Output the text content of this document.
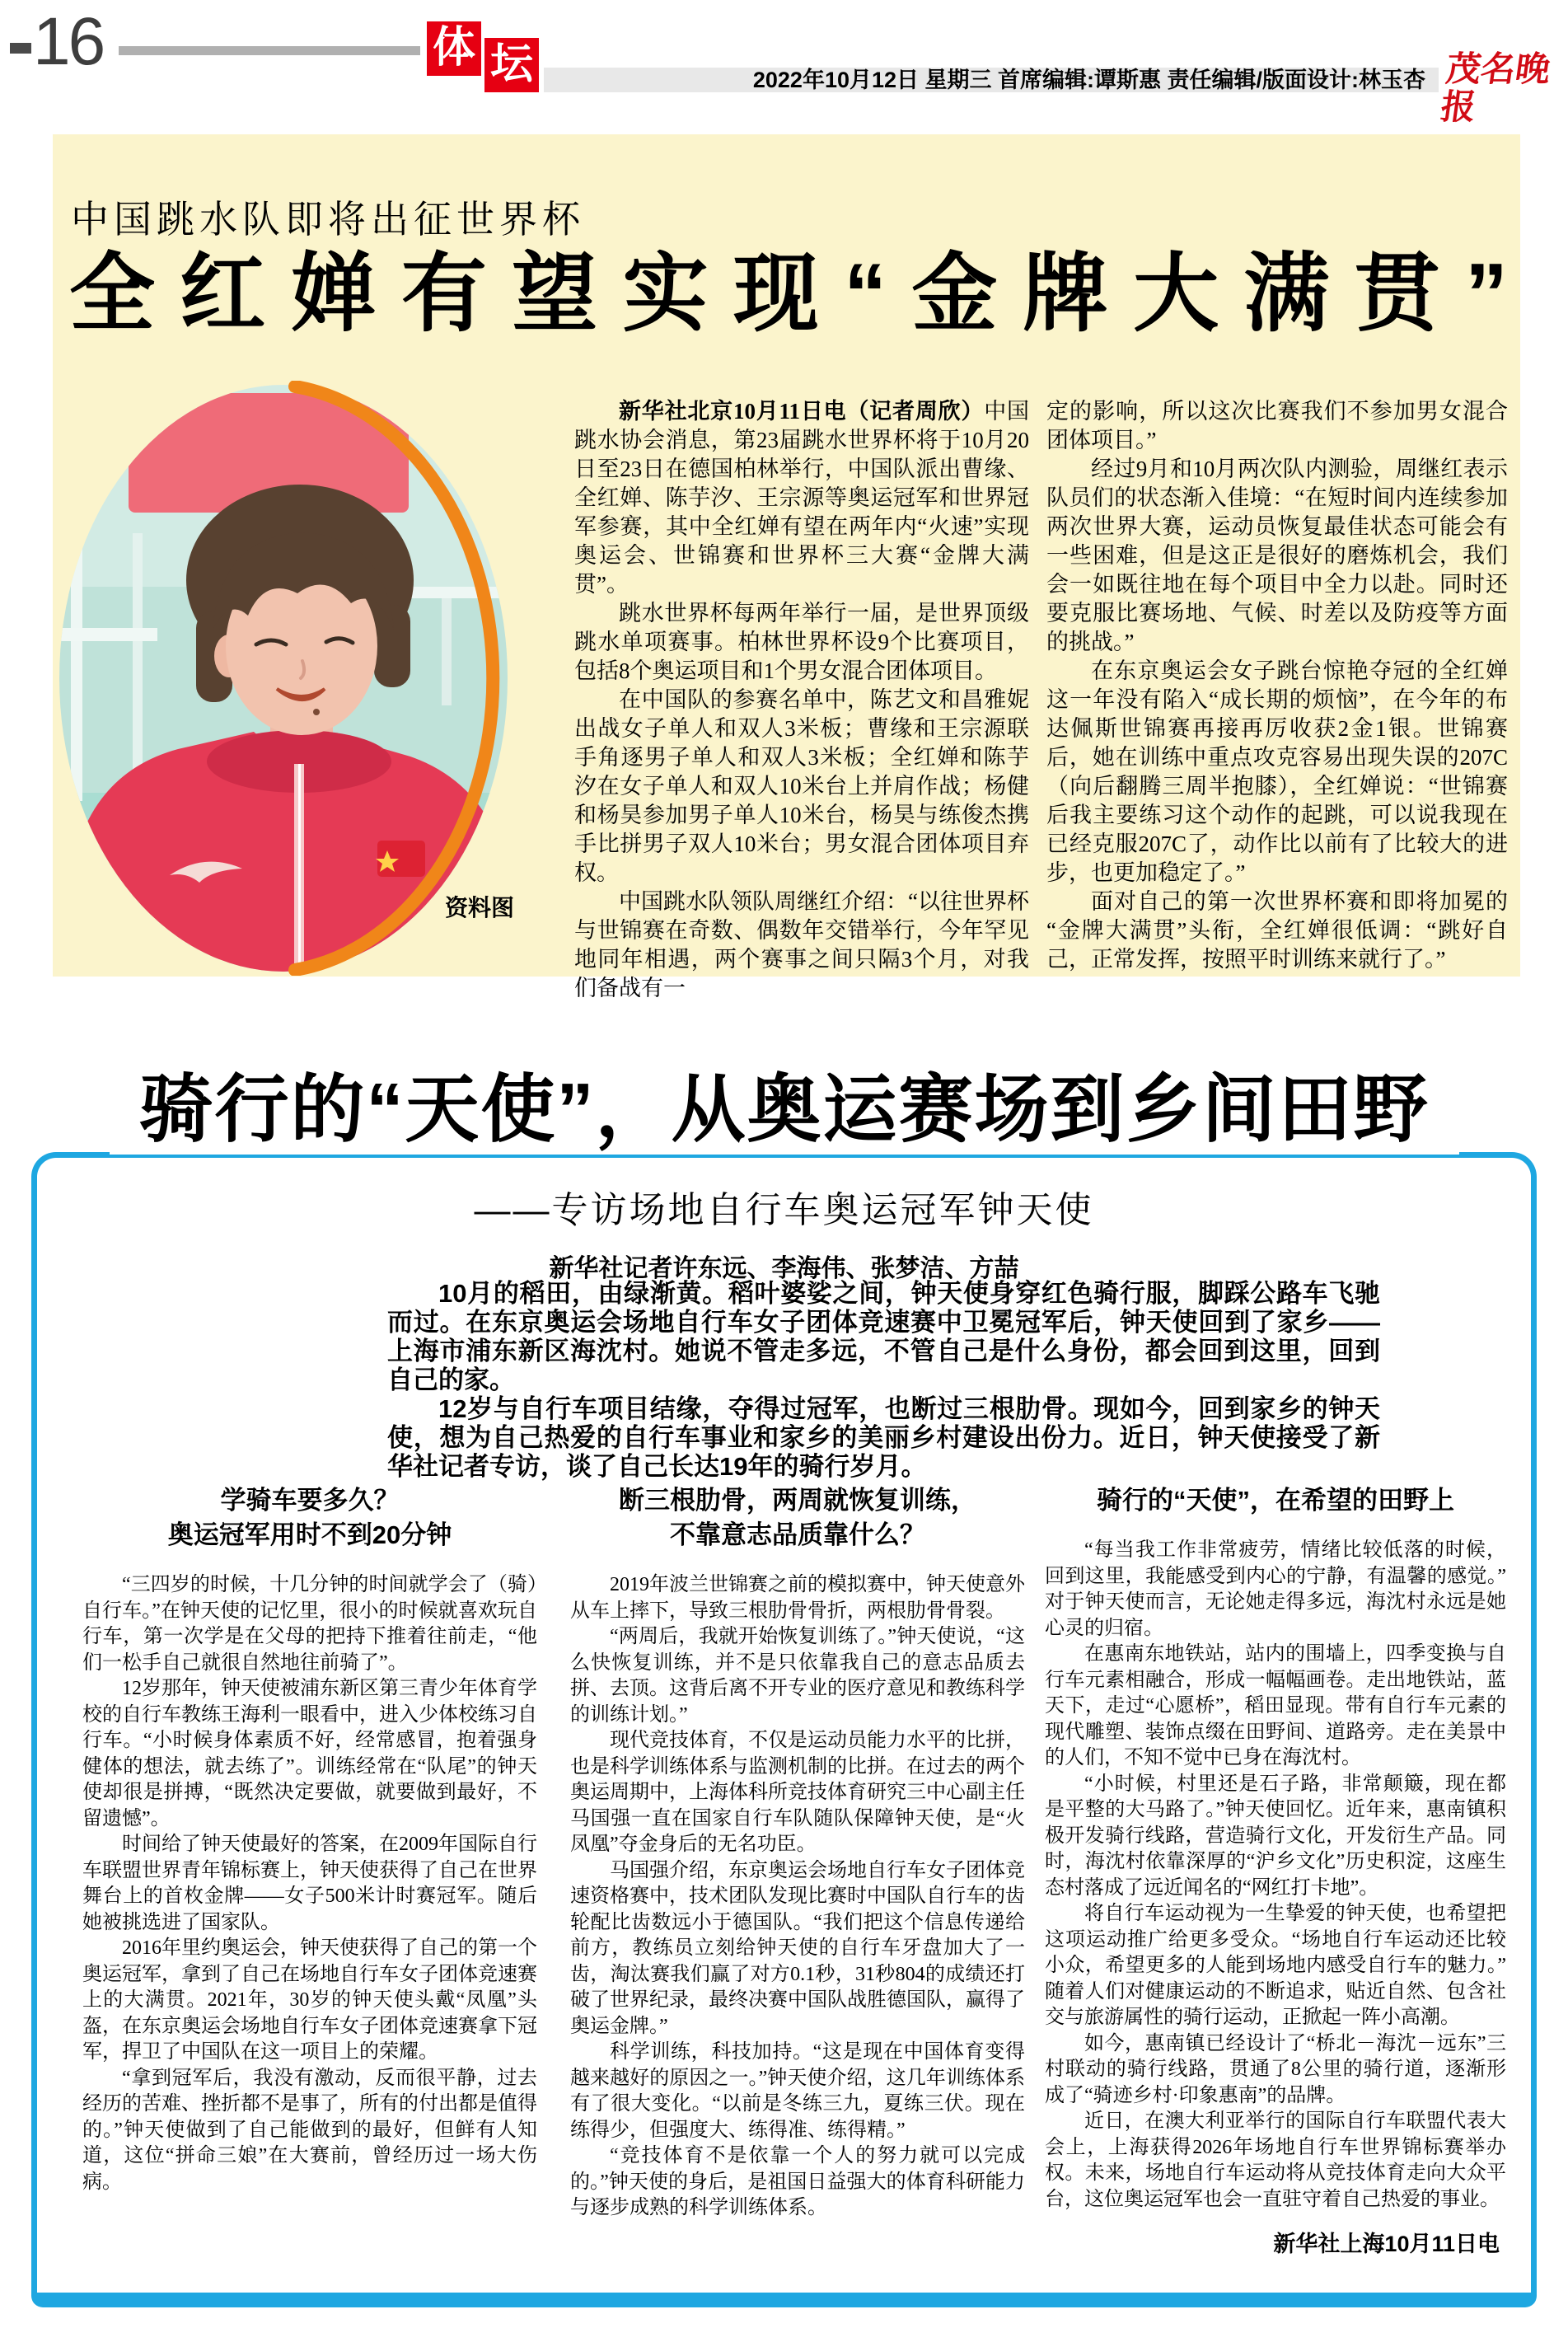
16	体 坛	2022年10月12日 星期三 首席编辑:谭斯惠 责任编辑/版面设计:林玉杏 茂名晚报
中国跳水队即将出征世界杯
全红婵有望实现“金牌大满贯”
资料图

新华社北京10月11日电（记者周欣）中国跳水协会消息，第23届跳水世界杯将于10月20日至23日在德国柏林举行，中国队派出曹缘、全红婵、陈芋汐、王宗源等奥运冠军和世界冠军参赛，其中全红婵有望在两年内“火速”实现奥运会、世锦赛和世界杯三大赛“金牌大满贯”。

跳水世界杯每两年举行一届，是世界顶级跳水单项赛事。柏林世界杯设9个比赛项目，包括8个奥运项目和1个男女混合团体项目。

在中国队的参赛名单中，陈艺文和昌雅妮出战女子单人和双人3米板；曹缘和王宗源联手角逐男子单人和双人3米板；全红婵和陈芋汐在女子单人和双人10米台上并肩作战；杨健和杨昊参加男子单人10米台，杨昊与练俊杰携手比拼男子双人10米台；男女混合团体项目弃权。

中国跳水队领队周继红介绍：“以往世界杯与世锦赛在奇数、偶数年交错举行，今年罕见地同年相遇，两个赛事之间只隔3个月，对我们备战有一

定的影响，所以这次比赛我们不参加男女混合团体项目。”

经过9月和10月两次队内测验，周继红表示队员们的状态渐入佳境：“在短时间内连续参加两次世界大赛，运动员恢复最佳状态可能会有一些困难，但是这正是很好的磨炼机会，我们会一如既往地在每个项目中全力以赴。同时还要克服比赛场地、气候、时差以及防疫等方面的挑战。”

在东京奥运会女子跳台惊艳夺冠的全红婵这一年没有陷入“成长期的烦恼”，在今年的布达佩斯世锦赛再接再厉收获2金1银。世锦赛后，她在训练中重点攻克容易出现失误的207C（向后翻腾三周半抱膝），全红婵说：“世锦赛后我主要练习这个动作的起跳，可以说我现在已经克服207C了，动作比以前有了比较大的进步，也更加稳定了。”

面对自己的第一次世界杯赛和即将加冕的“金牌大满贯”头衔，全红婵很低调：“跳好自己，正常发挥，按照平时训练来就行了。”

骑行的“天使”，从奥运赛场到乡间田野
——专访场地自行车奥运冠军钟天使
新华社记者许东远、李海伟、张梦洁、方喆

10月的稻田，由绿渐黄。稻叶婆娑之间，钟天使身穿红色骑行服，脚踩公路车飞驰而过。在东京奥运会场地自行车女子团体竞速赛中卫冕冠军后，钟天使回到了家乡——上海市浦东新区海沈村。她说不管走多远，不管自己是什么身份，都会回到这里，回到自己的家。

12岁与自行车项目结缘，夺得过冠军，也断过三根肋骨。现如今，回到家乡的钟天使，想为自己热爱的自行车事业和家乡的美丽乡村建设出份力。近日，钟天使接受了新华社记者专访，谈了自己长达19年的骑行岁月。

学骑车要多久？
奥运冠军用时不到20分钟

“三四岁的时候，十几分钟的时间就学会了（骑）自行车。”在钟天使的记忆里，很小的时候就喜欢玩自行车，第一次学是在父母的把持下推着往前走，“他们一松手自己就很自然地往前骑了”。

12岁那年，钟天使被浦东新区第三青少年体育学校的自行车教练王海利一眼看中，进入少体校练习自行车。“小时候身体素质不好，经常感冒，抱着强身健体的想法，就去练了”。训练经常在“队尾”的钟天使却很是拼搏，“既然决定要做，就要做到最好，不留遗憾”。

时间给了钟天使最好的答案，在2009年国际自行车联盟世界青年锦标赛上，钟天使获得了自己在世界舞台上的首枚金牌——女子500米计时赛冠军。随后她被挑选进了国家队。

2016年里约奥运会，钟天使获得了自己的第一个奥运冠军，拿到了自己在场地自行车女子团体竞速赛上的大满贯。2021年，30岁的钟天使头戴“凤凰”头盔，在东京奥运会场地自行车女子团体竞速赛拿下冠军，捍卫了中国队在这一项目上的荣耀。

“拿到冠军后，我没有激动，反而很平静，过去经历的苦难、挫折都不是事了，所有的付出都是值得的。”钟天使做到了自己能做到的最好，但鲜有人知道，这位“拼命三娘”在大赛前，曾经历过一场大伤病。

断三根肋骨，两周就恢复训练，
不靠意志品质靠什么？

2019年波兰世锦赛之前的模拟赛中，钟天使意外从车上摔下，导致三根肋骨骨折，两根肋骨骨裂。

“两周后，我就开始恢复训练了。”钟天使说，“这么快恢复训练，并不是只依靠我自己的意志品质去拼、去顶。这背后离不开专业的医疗意见和教练科学的训练计划。”

现代竞技体育，不仅是运动员能力水平的比拼，也是科学训练体系与监测机制的比拼。在过去的两个奥运周期中，上海体科所竞技体育研究三中心副主任马国强一直在国家自行车队随队保障钟天使，是“火凤凰”夺金身后的无名功臣。

马国强介绍，东京奥运会场地自行车女子团体竞速资格赛中，技术团队发现比赛时中国队自行车的齿轮配比齿数远小于德国队。“我们把这个信息传递给前方，教练员立刻给钟天使的自行车牙盘加大了一齿，淘汰赛我们赢了对方0.1秒，31秒804的成绩还打破了世界纪录，最终决赛中国队战胜德国队，赢得了奥运金牌。”

科学训练，科技加持。“这是现在中国体育变得越来越好的原因之一。”钟天使介绍，这几年训练体系有了很大变化。“以前是冬练三九，夏练三伏。现在练得少，但强度大、练得准、练得精。”

“竞技体育不是依靠一个人的努力就可以完成的。”钟天使的身后，是祖国日益强大的体育科研能力与逐步成熟的科学训练体系。

骑行的“天使”，在希望的田野上

“每当我工作非常疲劳，情绪比较低落的时候，回到这里，我能感受到内心的宁静，有温馨的感觉。”对于钟天使而言，无论她走得多远，海沈村永远是她心灵的归宿。

在惠南东地铁站，站内的围墙上，四季变换与自行车元素相融合，形成一幅幅画卷。走出地铁站，蓝天下，走过“心愿桥”，稻田显现。带有自行车元素的现代雕塑、装饰点缀在田野间、道路旁。走在美景中的人们，不知不觉中已身在海沈村。

“小时候，村里还是石子路，非常颠簸，现在都是平整的大马路了。”钟天使回忆。近年来，惠南镇积极开发骑行线路，营造骑行文化，开发衍生产品。同时，海沈村依靠深厚的“沪乡文化”历史积淀，这座生态村落成了远近闻名的“网红打卡地”。

将自行车运动视为一生挚爱的钟天使，也希望把这项运动推广给更多受众。“场地自行车运动还比较小众，希望更多的人能到场地内感受自行车的魅力。”随着人们对健康运动的不断追求，贴近自然、包含社交与旅游属性的骑行运动，正掀起一阵小高潮。

如今，惠南镇已经设计了“桥北－海沈－远东”三村联动的骑行线路，贯通了8公里的骑行道，逐渐形成了“骑迹乡村·印象惠南”的品牌。

近日，在澳大利亚举行的国际自行车联盟代表大会上，上海获得2026年场地自行车世界锦标赛举办权。未来，场地自行车运动将从竞技体育走向大众平台，这位奥运冠军也会一直驻守着自己热爱的事业。

新华社上海10月11日电
